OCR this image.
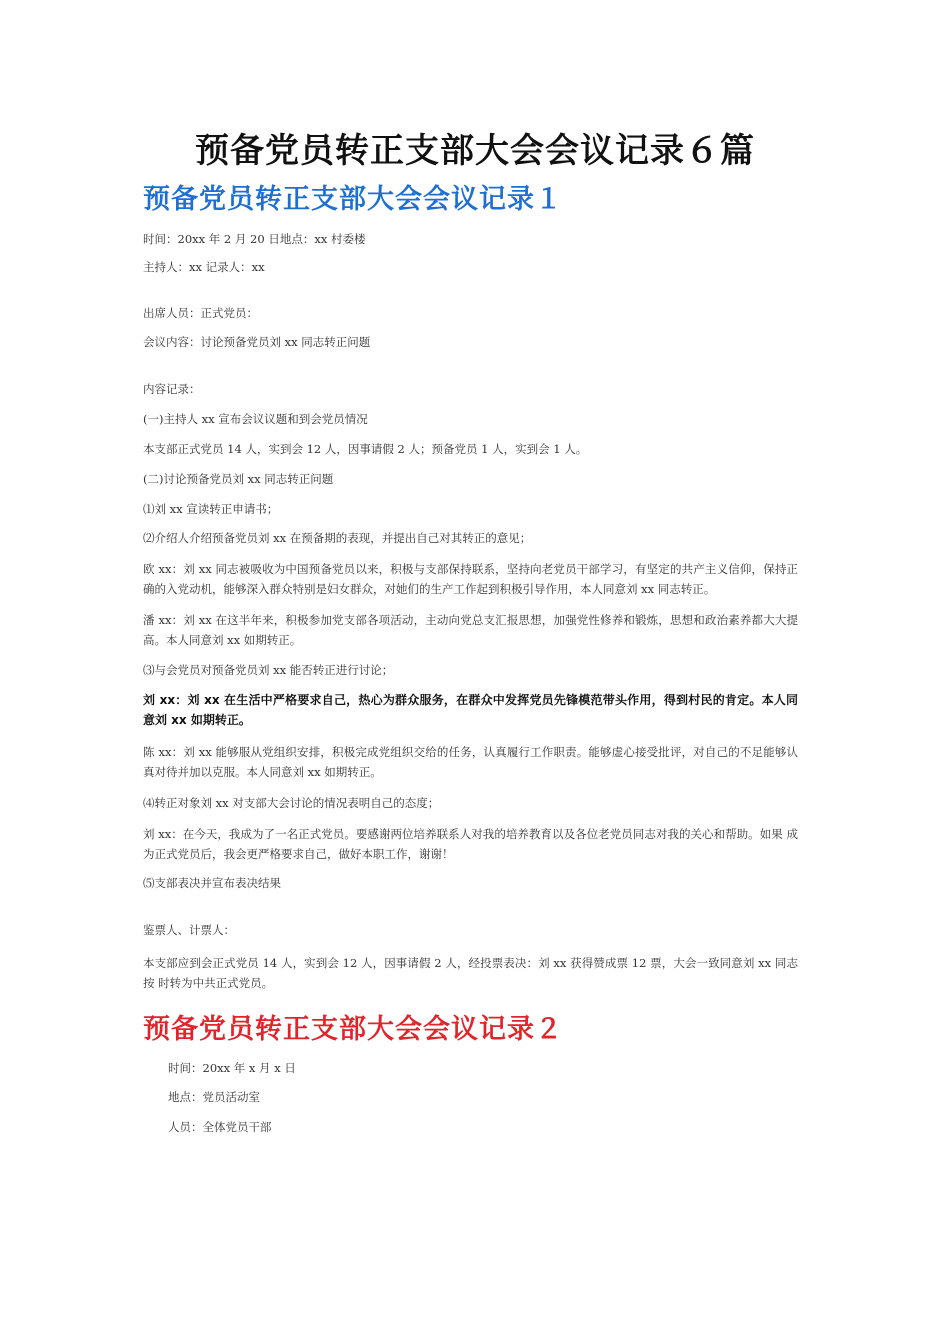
预备党员转正支部大会会议记录６篇
预备党员转正支部大会会议记录１
时间：20xx 年 2 月 20 日地点：xx 村委楼
主持人：xx 记录人：xx
出席人员：正式党员：
会议内容：讨论预备党员刘 xx 同志转正问题
内容记录：
(一)主持人 xx 宣布会议议题和到会党员情况
本支部正式党员 14 人，实到会 12 人，因事请假 2 人；预备党员 1 人，实到会 1 人。
(二)讨论预备党员刘 xx 同志转正问题
⑴刘 xx 宣读转正申请书；
⑵介绍人介绍预备党员刘 xx 在预备期的表现，并提出自己对其转正的意见；
欧 xx：刘 xx 同志被吸收为中国预备党员以来，积极与支部保持联系，坚持向老党员干部学习，有坚定的共产主义信仰，保持正 确的入党动机，能够深入群众特别是妇女群众，对她们的生产工作起到积极引导作用，本人同意刘 xx 同志转正。
潘 xx：刘 xx 在这半年来，积极参加党支部各项活动，主动向党总支汇报思想，加强党性修养和锻炼，思想和政治素养都大大提 高。本人同意刘 xx 如期转正。
⑶与会党员对预备党员刘 xx 能否转正进行讨论；
刘 xx：刘 xx 在生活中严格要求自己，热心为群众服务，在群众中发挥党员先锋模范带头作用，得到村民的肯定。本人同意刘 xx 如期转正。
陈 xx：刘 xx 能够服从党组织安排，积极完成党组织交给的任务，认真履行工作职责。能够虚心接受批评，对自己的不足能够认 真对待并加以克服。本人同意刘 xx 如期转正。
⑷转正对象刘 xx 对支部大会讨论的情况表明自己的态度；
刘 xx：在今天，我成为了一名正式党员。要感谢两位培养联系人对我的培养教育以及各位老党员同志对我的关心和帮助。如果 成为正式党员后，我会更严格要求自己，做好本职工作，谢谢！
⑸支部表决并宣布表决结果
鉴票人、计票人：
本支部应到会正式党员 14 人，实到会 12 人，因事请假 2 人，经投票表决：刘 xx 获得赞成票 12 票，大会一致同意刘 xx 同志按 时转为中共正式党员。
预备党员转正支部大会会议记录２
时间：20xx 年 x 月 x 日
地点：党员活动室
人员：全体党员干部
